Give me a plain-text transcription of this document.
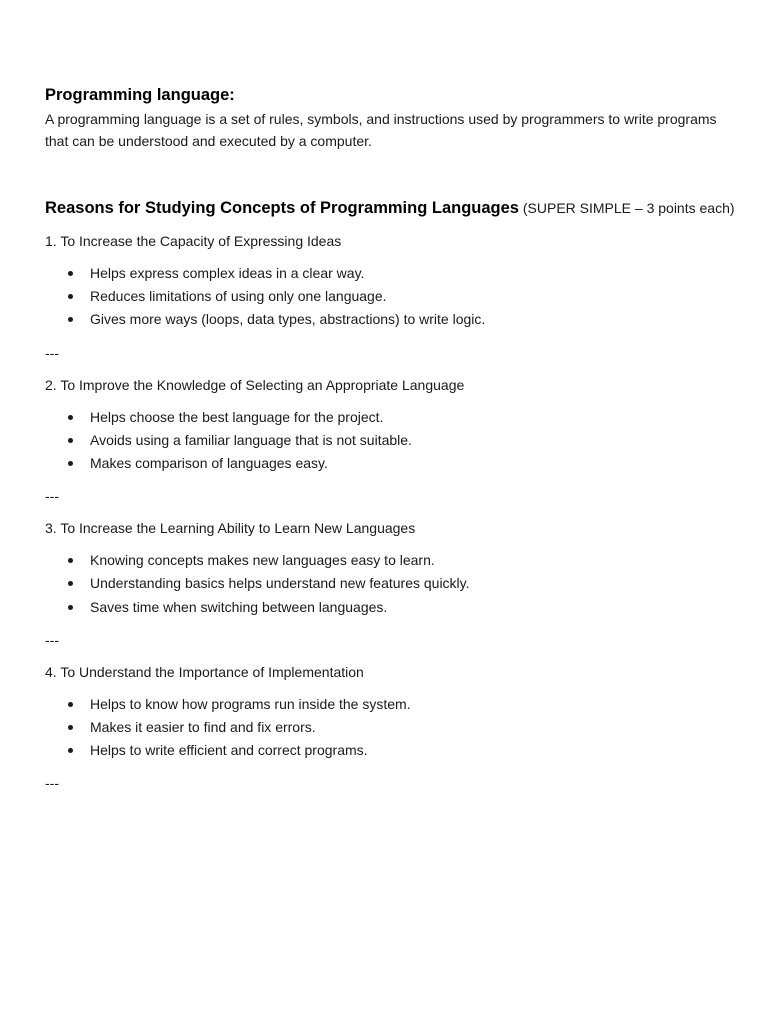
Programming language:

A programming language is a set of rules, symbols, and instructions used by programmers to write programs that can be understood and executed by a computer.

Reasons for Studying Concepts of Programming Languages (SUPER SIMPLE – 3 points each)

1. To Increase the Capacity of Expressing Ideas

Helps express complex ideas in a clear way.
Reduces limitations of using only one language.
Gives more ways (loops, data types, abstractions) to write logic.

---

2. To Improve the Knowledge of Selecting an Appropriate Language

Helps choose the best language for the project.
Avoids using a familiar language that is not suitable.
Makes comparison of languages easy.

---

3. To Increase the Learning Ability to Learn New Languages

Knowing concepts makes new languages easy to learn.
Understanding basics helps understand new features quickly.
Saves time when switching between languages.

---

4. To Understand the Importance of Implementation

Helps to know how programs run inside the system.
Makes it easier to find and fix errors.
Helps to write efficient and correct programs.

---
